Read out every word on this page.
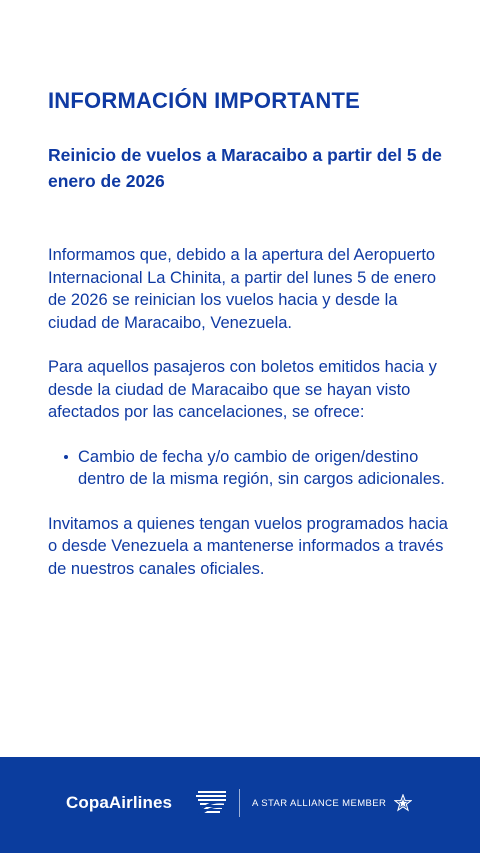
INFORMACIÓN IMPORTANTE
Reinicio de vuelos a Maracaibo a partir del 5 de enero de 2026

Informamos que, debido a la apertura del Aeropuerto Internacional La Chinita, a partir del lunes 5 de enero de 2026 se reinician los vuelos hacia y desde la ciudad de Maracaibo, Venezuela.

Para aquellos pasajeros con boletos emitidos hacia y desde la ciudad de Maracaibo que se hayan visto afectados por las cancelaciones, se ofrece:

Cambio de fecha y/o cambio de origen/destino dentro de la misma región, sin cargos adicionales.

Invitamos a quienes tengan vuelos programados hacia o desde Venezuela a mantenerse informados a través de nuestros canales oficiales.

CopaAirlines	A STAR ALLIANCE MEMBER
